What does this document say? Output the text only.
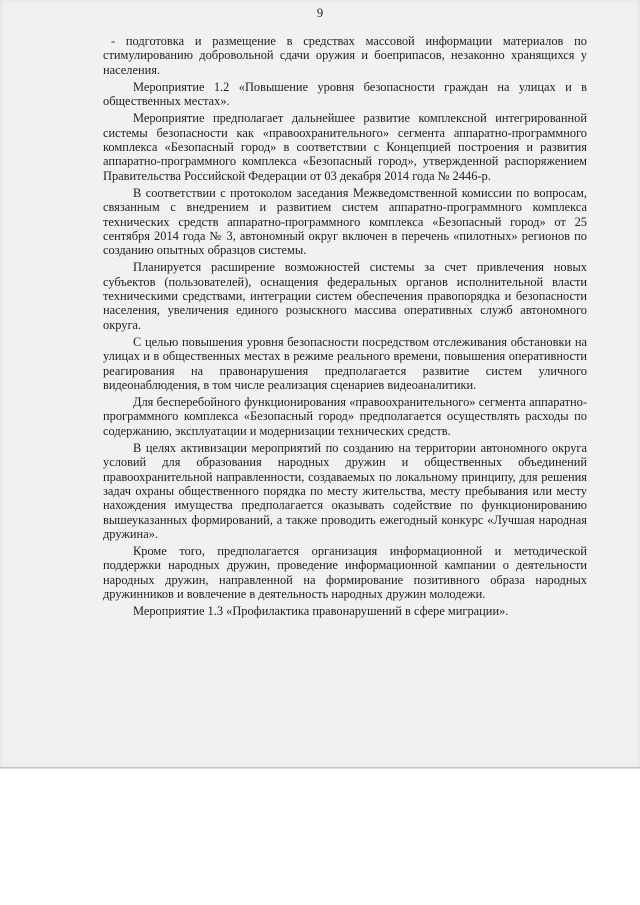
9

- подготовка и размещение в средствах массовой информации материалов по стимулированию добровольной сдачи оружия и боеприпасов, незаконно хранящихся у населения.

Мероприятие 1.2 «Повышение уровня безопасности граждан на улицах и в общественных местах».

Мероприятие предполагает дальнейшее развитие комплексной интегрированной системы безопасности как «правоохранительного» сегмента аппаратно-программного комплекса «Безопасный город» в соответствии с Концепцией построения и развития аппаратно-программного комплекса «Безопасный город», утвержденной распоряжением Правительства Российской Федерации от 03 декабря 2014 года № 2446-р.

В соответствии с протоколом заседания Межведомственной комиссии по вопросам, связанным с внедрением и развитием систем аппаратно-программного комплекса технических средств аппаратно-программного комплекса «Безопасный город» от 25 сентября 2014 года № 3, автономный округ включен в перечень «пилотных» регионов по созданию опытных образцов системы.

Планируется расширение возможностей системы за счет привлечения новых субъектов (пользователей), оснащения федеральных органов исполнительной власти техническими средствами, интеграции систем обеспечения правопорядка и безопасности населения, увеличения единого розыскного массива оперативных служб автономного округа.

С целью повышения уровня безопасности посредством отслеживания обстановки на улицах и в общественных местах в режиме реального времени, повышения оперативности реагирования на правонарушения предполагается развитие систем уличного видеонаблюдения, в том числе реализация сценариев видеоаналитики.

Для бесперебойного функционирования «правоохранительного» сегмента аппаратно-программного комплекса «Безопасный город» предполагается осуществлять расходы по содержанию, эксплуатации и модернизации технических средств.

В целях активизации мероприятий по созданию на территории автономного округа условий для образования народных дружин и общественных объединений правоохранительной направленности, создаваемых по локальному принципу, для решения задач охраны общественного порядка по месту жительства, месту пребывания или месту нахождения имущества предполагается оказывать содействие по функционированию вышеуказанных формирований, а также проводить ежегодный конкурс «Лучшая народная дружина».

Кроме того, предполагается организация информационной и методической поддержки народных дружин, проведение информационной кампании о деятельности народных дружин, направленной на формирование позитивного образа народных дружинников и вовлечение в деятельность народных дружин молодежи.

Мероприятие 1.3 «Профилактика правонарушений в сфере миграции».
